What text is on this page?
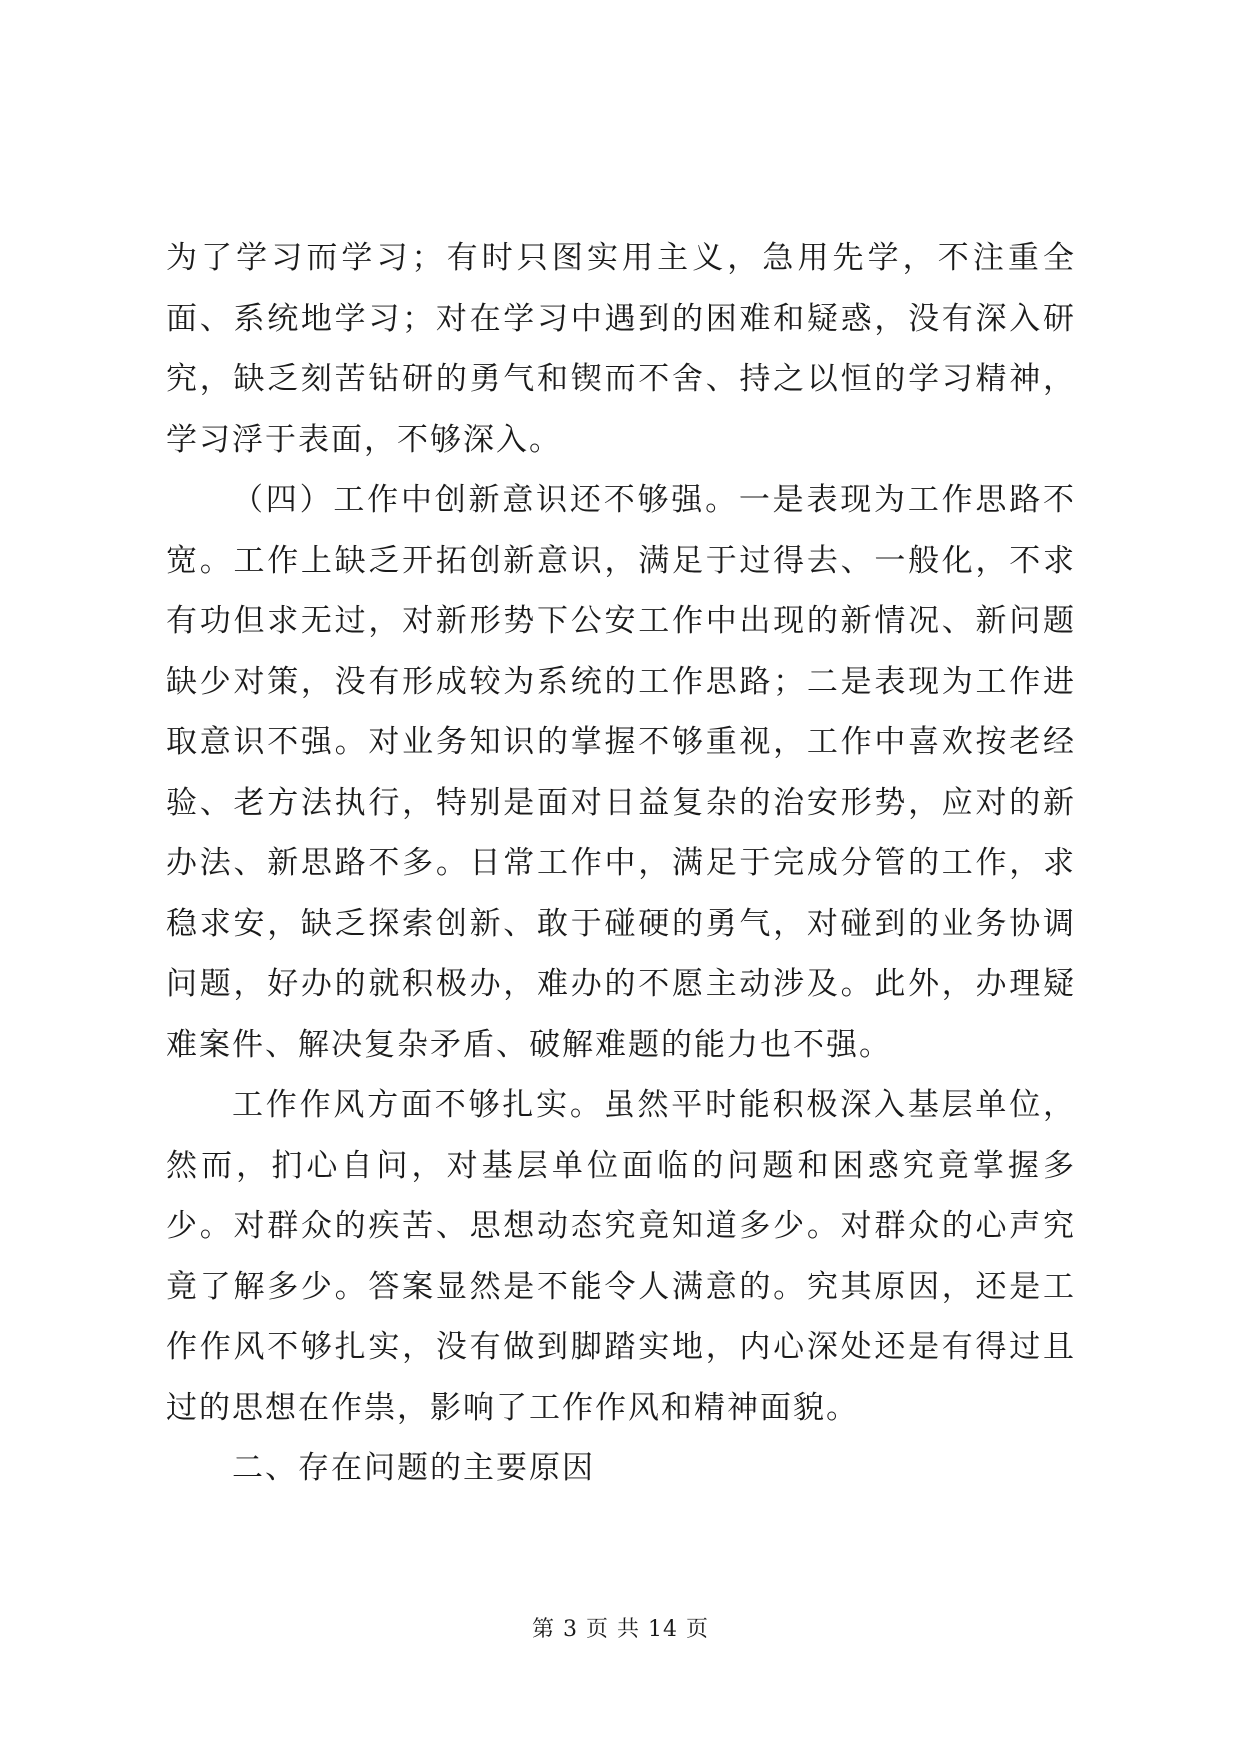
为了学习而学习；有时只图实用主义，急用先学，不注重全面、系统地学习；对在学习中遇到的困难和疑惑，没有深入研究，缺乏刻苦钻研的勇气和锲而不舍、持之以恒的学习精神，学习浮于表面，不够深入。

（四）工作中创新意识还不够强。一是表现为工作思路不宽。工作上缺乏开拓创新意识，满足于过得去、一般化，不求有功但求无过，对新形势下公安工作中出现的新情况、新问题缺少对策，没有形成较为系统的工作思路；二是表现为工作进取意识不强。对业务知识的掌握不够重视，工作中喜欢按老经验、老方法执行，特别是面对日益复杂的治安形势，应对的新办法、新思路不多。日常工作中，满足于完成分管的工作，求稳求安，缺乏探索创新、敢于碰硬的勇气，对碰到的业务协调问题，好办的就积极办，难办的不愿主动涉及。此外，办理疑难案件、解决复杂矛盾、破解难题的能力也不强。

工作作风方面不够扎实。虽然平时能积极深入基层单位，然而，扪心自问，对基层单位面临的问题和困惑究竟掌握多少。对群众的疾苦、思想动态究竟知道多少。对群众的心声究竟了解多少。答案显然是不能令人满意的。究其原因，还是工作作风不够扎实，没有做到脚踏实地，内心深处还是有得过且过的思想在作祟，影响了工作作风和精神面貌。

二、存在问题的主要原因

第 3 页 共 14 页
